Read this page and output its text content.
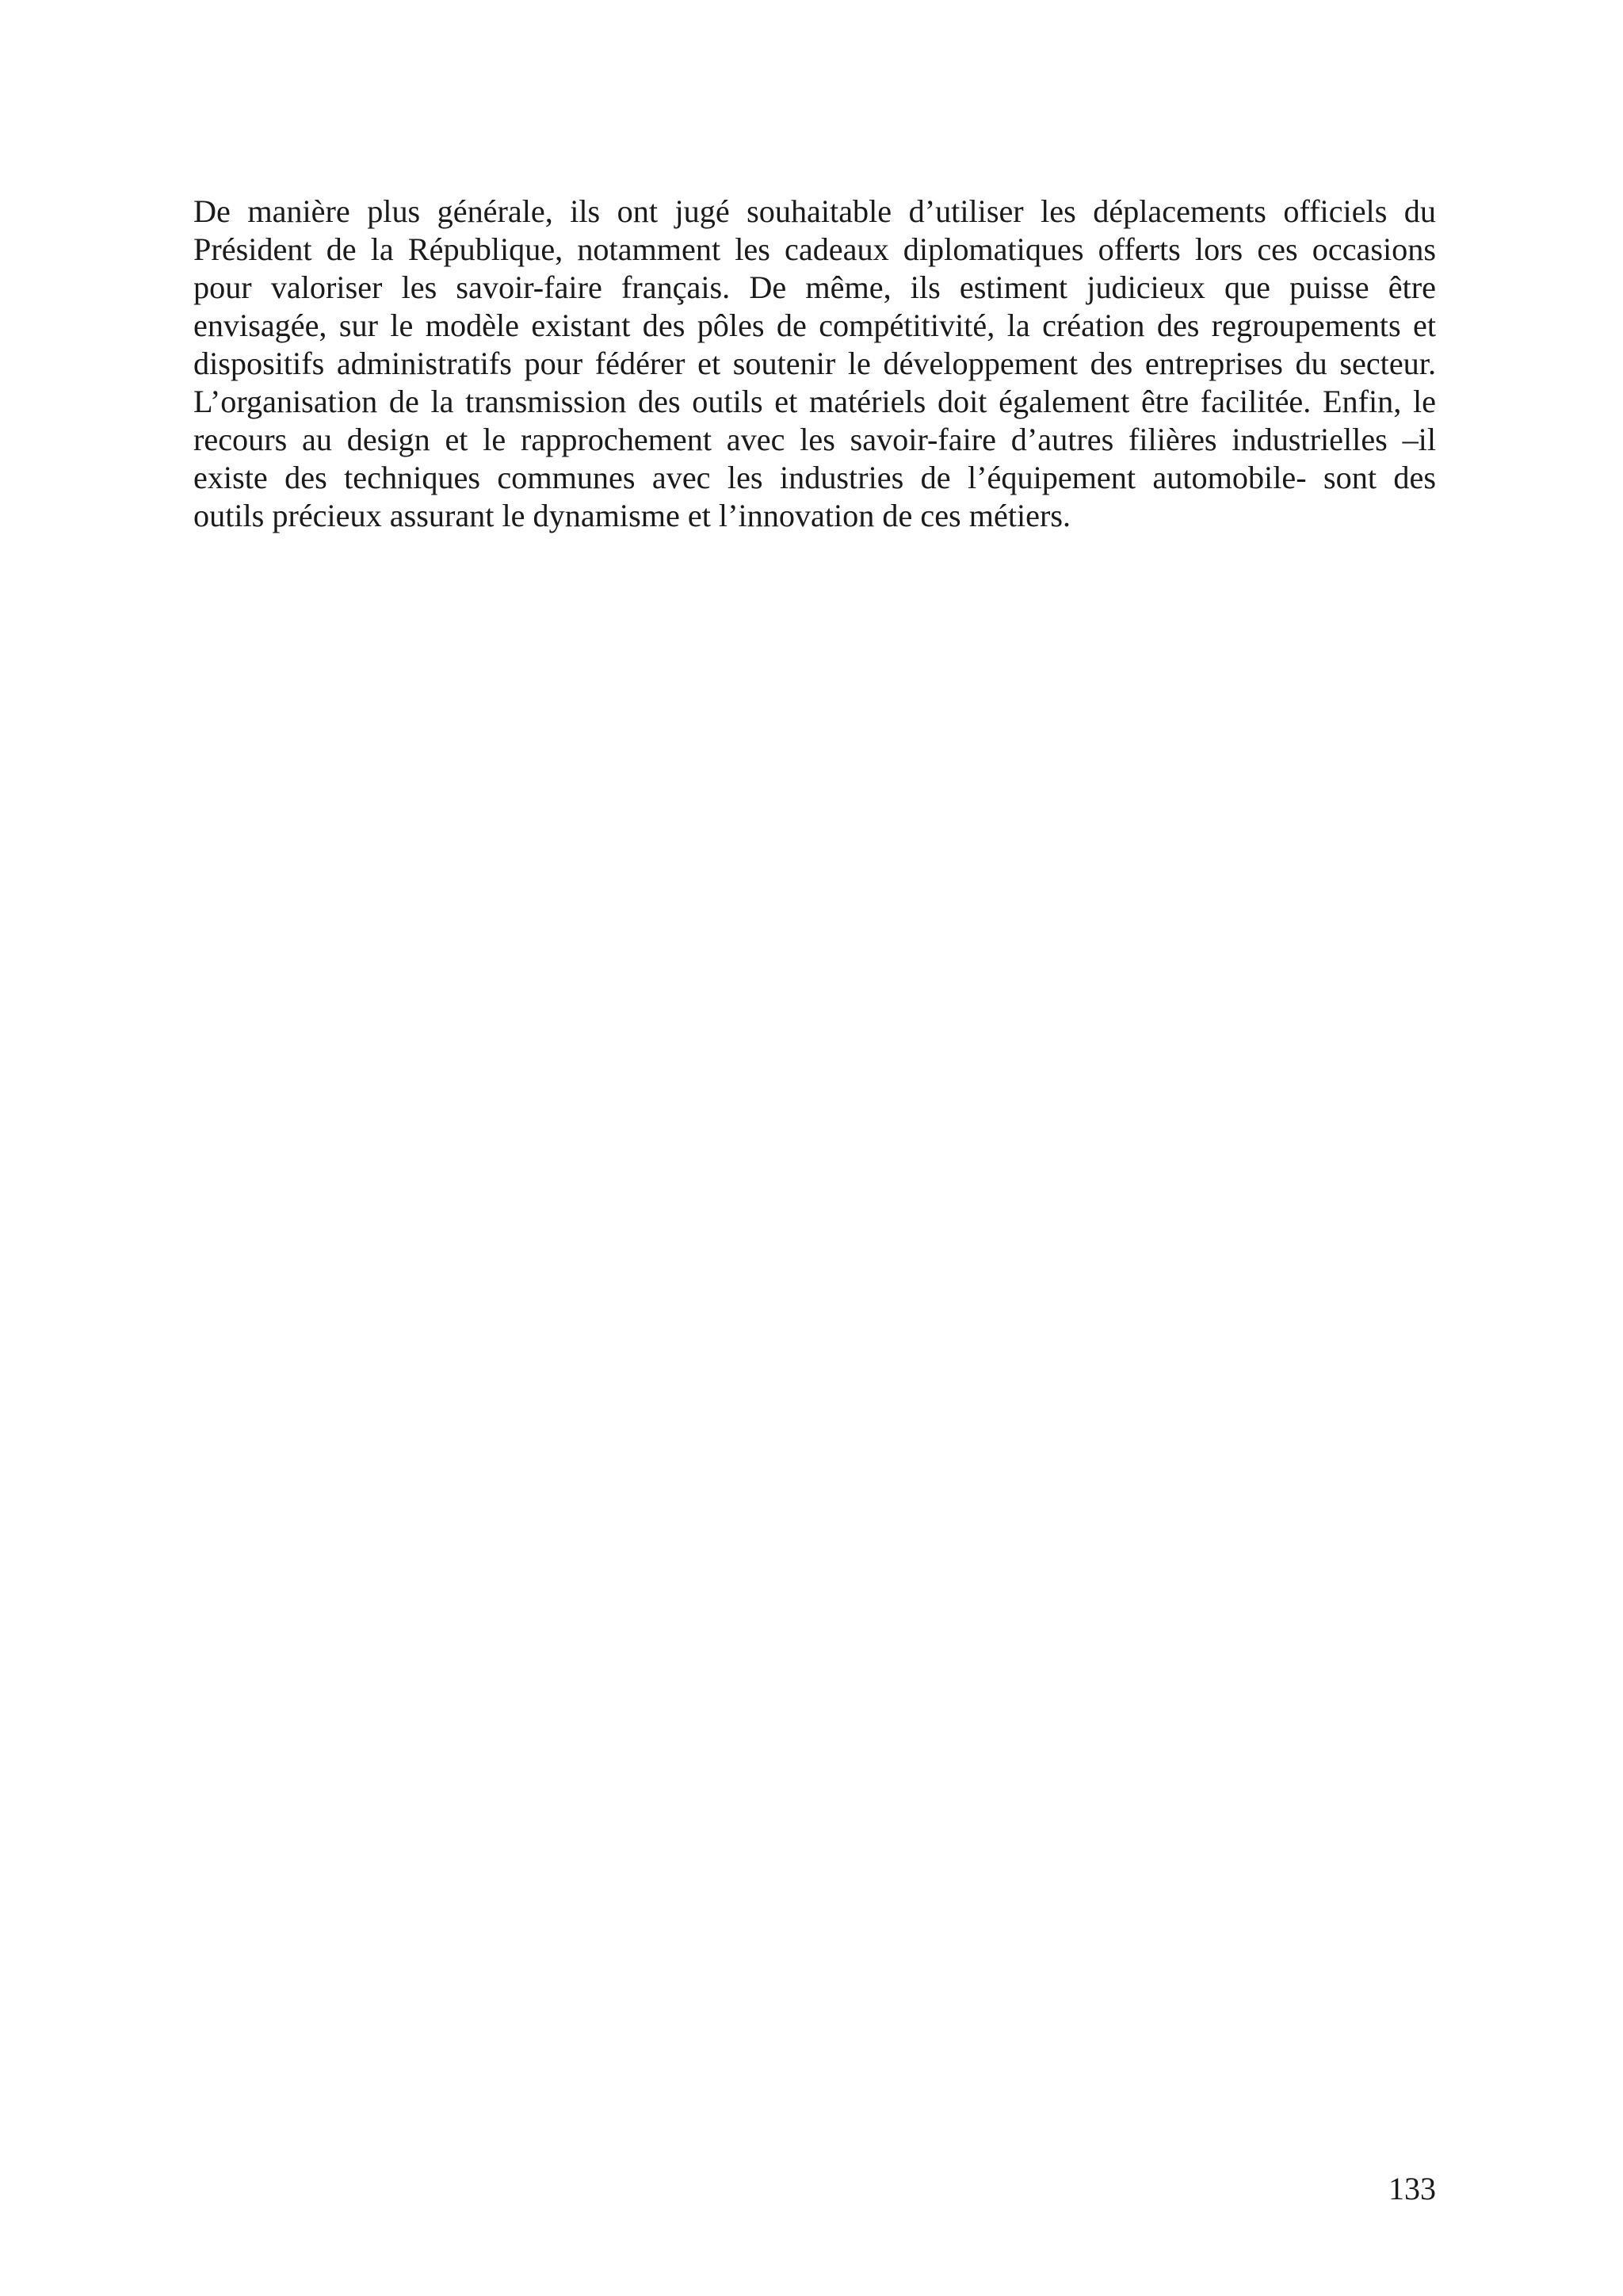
De manière plus générale, ils ont jugé souhaitable d’utiliser les déplacements officiels du
Président de la République, notamment les cadeaux diplomatiques offerts lors ces occasions
pour valoriser les savoir-faire français. De même, ils estiment judicieux que puisse être
envisagée, sur le modèle existant des pôles de compétitivité, la création des regroupements et
dispositifs administratifs pour fédérer et soutenir le développement des entreprises du secteur.
L’organisation de la transmission des outils et matériels doit également être facilitée. Enfin, le
recours au design et le rapprochement avec les savoir-faire d’autres filières industrielles –il
existe des techniques communes avec les industries de l’équipement automobile- sont des
outils précieux assurant le dynamisme et l’innovation de ces métiers.

133
